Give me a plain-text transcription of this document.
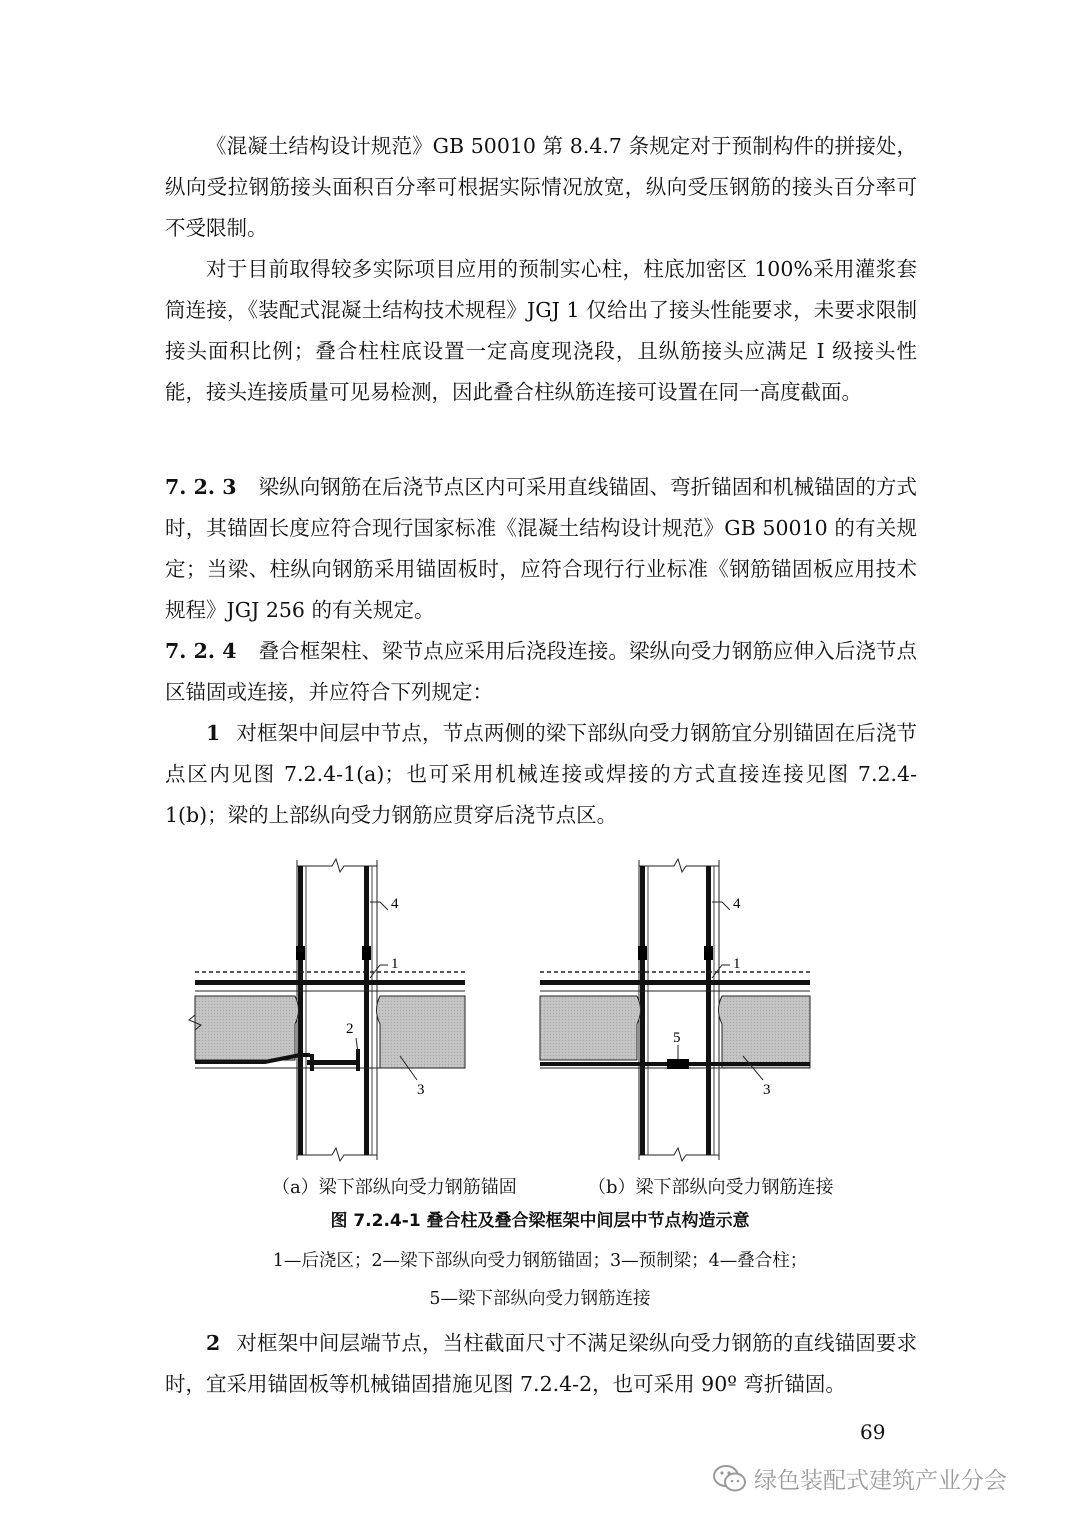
《混凝土结构设计规范》GB 50010 第 8.4.7 条规定对于预制构件的拼接处，纵向受拉钢筋接头面积百分率可根据实际情况放宽，纵向受压钢筋的接头百分率可不受限制。

对于目前取得较多实际项目应用的预制实心柱，柱底加密区 100%采用灌浆套筒连接，《装配式混凝土结构技术规程》JGJ 1 仅给出了接头性能要求，未要求限制接头面积比例；叠合柱柱底设置一定高度现浇段，且纵筋接头应满足 I 级接头性能，接头连接质量可见易检测，因此叠合柱纵筋连接可设置在同一高度截面。

7. 2. 3 梁纵向钢筋在后浇节点区内可采用直线锚固、弯折锚固和机械锚固的方式时，其锚固长度应符合现行国家标准《混凝土结构设计规范》GB 50010 的有关规定；当梁、柱纵向钢筋采用锚固板时，应符合现行行业标准《钢筋锚固板应用技术规程》JGJ 256 的有关规定。

7. 2. 4 叠合框架柱、梁节点应采用后浇段连接。梁纵向受力钢筋应伸入后浇节点区锚固或连接，并应符合下列规定：

1 对框架中间层中节点，节点两侧的梁下部纵向受力钢筋宜分别锚固在后浇节点区内见图 7.2.4-1(a)；也可采用机械连接或焊接的方式直接连接见图 7.2.4-1(b)；梁的上部纵向受力钢筋应贯穿后浇节点区。

4
1
2
3
4
1
5
3
（a）梁下部纵向受力钢筋锚固	（b）梁下部纵向受力钢筋连接
图 7.2.4-1 叠合柱及叠合梁框架中间层中节点构造示意
1—后浇区；2—梁下部纵向受力钢筋锚固；3—预制梁；4—叠合柱；
5—梁下部纵向受力钢筋连接

2 对框架中间层端节点，当柱截面尺寸不满足梁纵向受力钢筋的直线锚固要求时，宜采用锚固板等机械锚固措施见图 7.2.4-2，也可采用 90º 弯折锚固。

69
绿色装配式建筑产业分会
